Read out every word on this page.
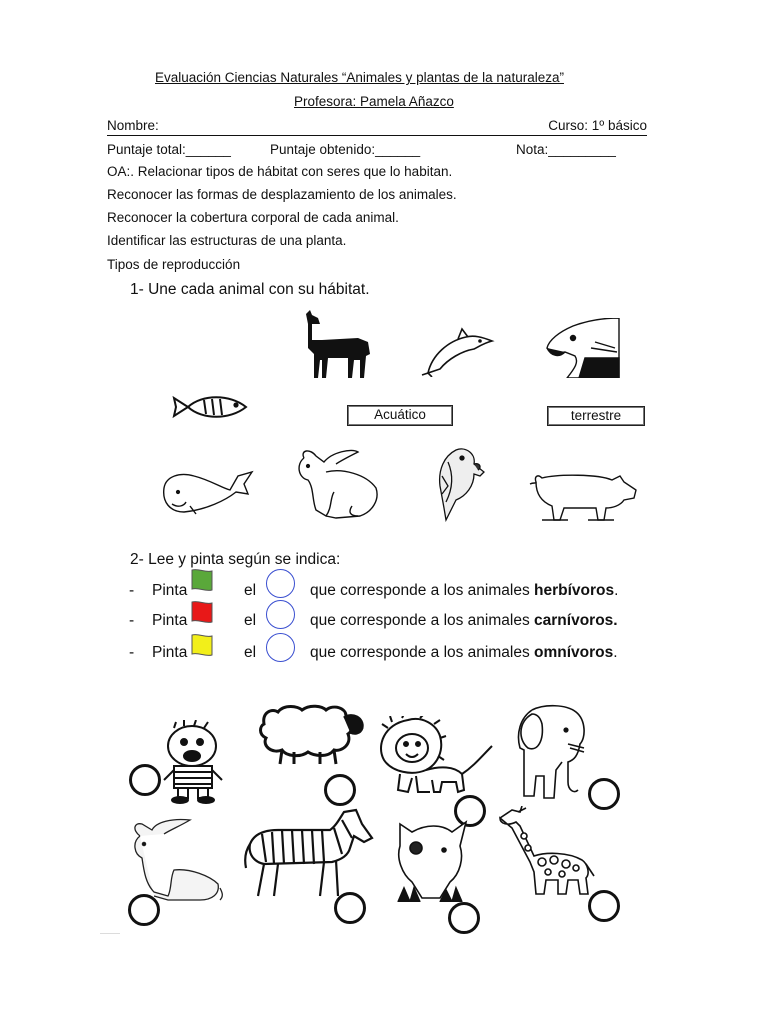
Evaluación Ciencias Naturales “Animales y plantas de la naturaleza”
Profesora: Pamela Añazco
Nombre:	Curso: 1º básico
Puntaje total:______	Puntaje obtenido:______	Nota:_________
OA:. Relacionar tipos de hábitat con seres que lo habitan.
Reconocer las formas de desplazamiento de los animales.
Reconocer la cobertura corporal de cada animal.
Identificar las estructuras de una planta.
Tipos de reproducción
1- Une cada animal con su hábitat.
Acuático	terrestre
2- Lee y pinta según se indica:
- Pinta	el	que corresponde a los animales herbívoros.
- Pinta	el	que corresponde a los animales carnívoros.
- Pinta	el	que corresponde a los animales omnívoros.
—————
